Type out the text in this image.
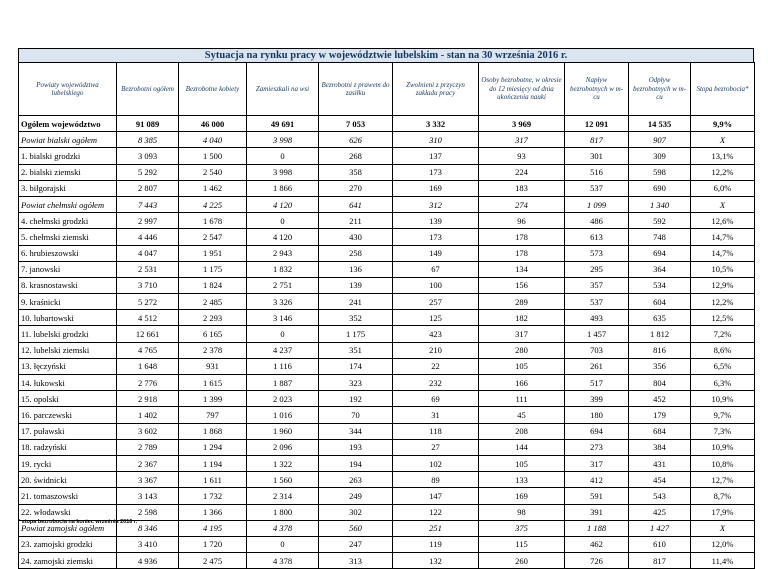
Sytuacja na rynku pracy w województwie lubelskim - stan na 30 września 2016 r.
Powiaty województwa lubelskiego	Bezrobotni ogółem	Bezrobotne kobiety	Zamieszkali na wsi	Bezrobotni z prawem do zasiłku	Zwolnieni z przyczyn zakładu pracy	Osoby bezrobotne, w okresie do 12 miesięcy od dnia ukończenia nauki	Napływ bezrobotnych w m-cu	Odpływ bezrobotnych w m-cu	Stopa bezrobocia*
Ogółem województwo	91 089	46 000	49 691	7 053	3 332	3 969	12 091	14 535	9,9%
Powiat bialski ogółem	8 385	4 040	3 998	626	310	317	817	907	X
1. bialski grodzki	3 093	1 500	0	268	137	93	301	309	13,1%
2. bialski ziemski	5 292	2 540	3 998	358	173	224	516	598	12,2%
3. biłgorajski	2 807	1 462	1 866	270	169	183	537	690	6,0%
Powiat chełmski ogółem	7 443	4 225	4 120	641	312	274	1 099	1 340	X
4. chełmski grodzki	2 997	1 678	0	211	139	96	486	592	12,6%
5. chełmski ziemski	4 446	2 547	4 120	430	173	178	613	748	14,7%
6. hrubieszowski	4 047	1 951	2 943	258	149	178	573	694	14,7%
7. janowski	2 531	1 175	1 832	136	67	134	295	364	10,5%
8. krasnostawski	3 710	1 824	2 751	139	100	156	357	534	12,9%
9. kraśnicki	5 272	2 485	3 326	241	257	289	537	604	12,2%
10. lubartowski	4 512	2 293	3 146	352	125	182	493	635	12,5%
11. lubelski grodzki	12 661	6 165	0	1 175	423	317	1 457	1 812	7,2%
12. lubelski ziemski	4 765	2 378	4 237	351	210	280	703	816	8,6%
13. łęczyński	1 648	931	1 116	174	22	105	261	356	6,5%
14. łukowski	2 776	1 615	1 887	323	232	166	517	804	6,3%
15. opolski	2 918	1 399	2 023	192	69	111	399	452	10,9%
16. parczewski	1 402	797	1 016	70	31	45	180	179	9,7%
17. puławski	3 602	1 868	1 960	344	118	208	694	684	7,3%
18. radzyński	2 789	1 294	2 096	193	27	144	273	384	10,9%
19. rycki	2 367	1 194	1 322	194	102	105	317	431	10,8%
20. świdnicki	3 367	1 611	1 560	263	89	133	412	454	12,7%
21. tomaszowski	3 143	1 732	2 314	249	147	169	591	543	8,7%
22. włodawski	2 598	1 366	1 800	302	122	98	391	425	17,9%
Powiat zamojski ogółem	8 346	4 195	4 378	560	251	375	1 188	1 427	X
23. zamojski grodzki	3 410	1 720	0	247	119	115	462	610	12,0%
24. zamojski ziemski	4 936	2 475	4 378	313	132	260	726	817	11,4%
* stopa bezrobocia na koniec września 2016 r.
